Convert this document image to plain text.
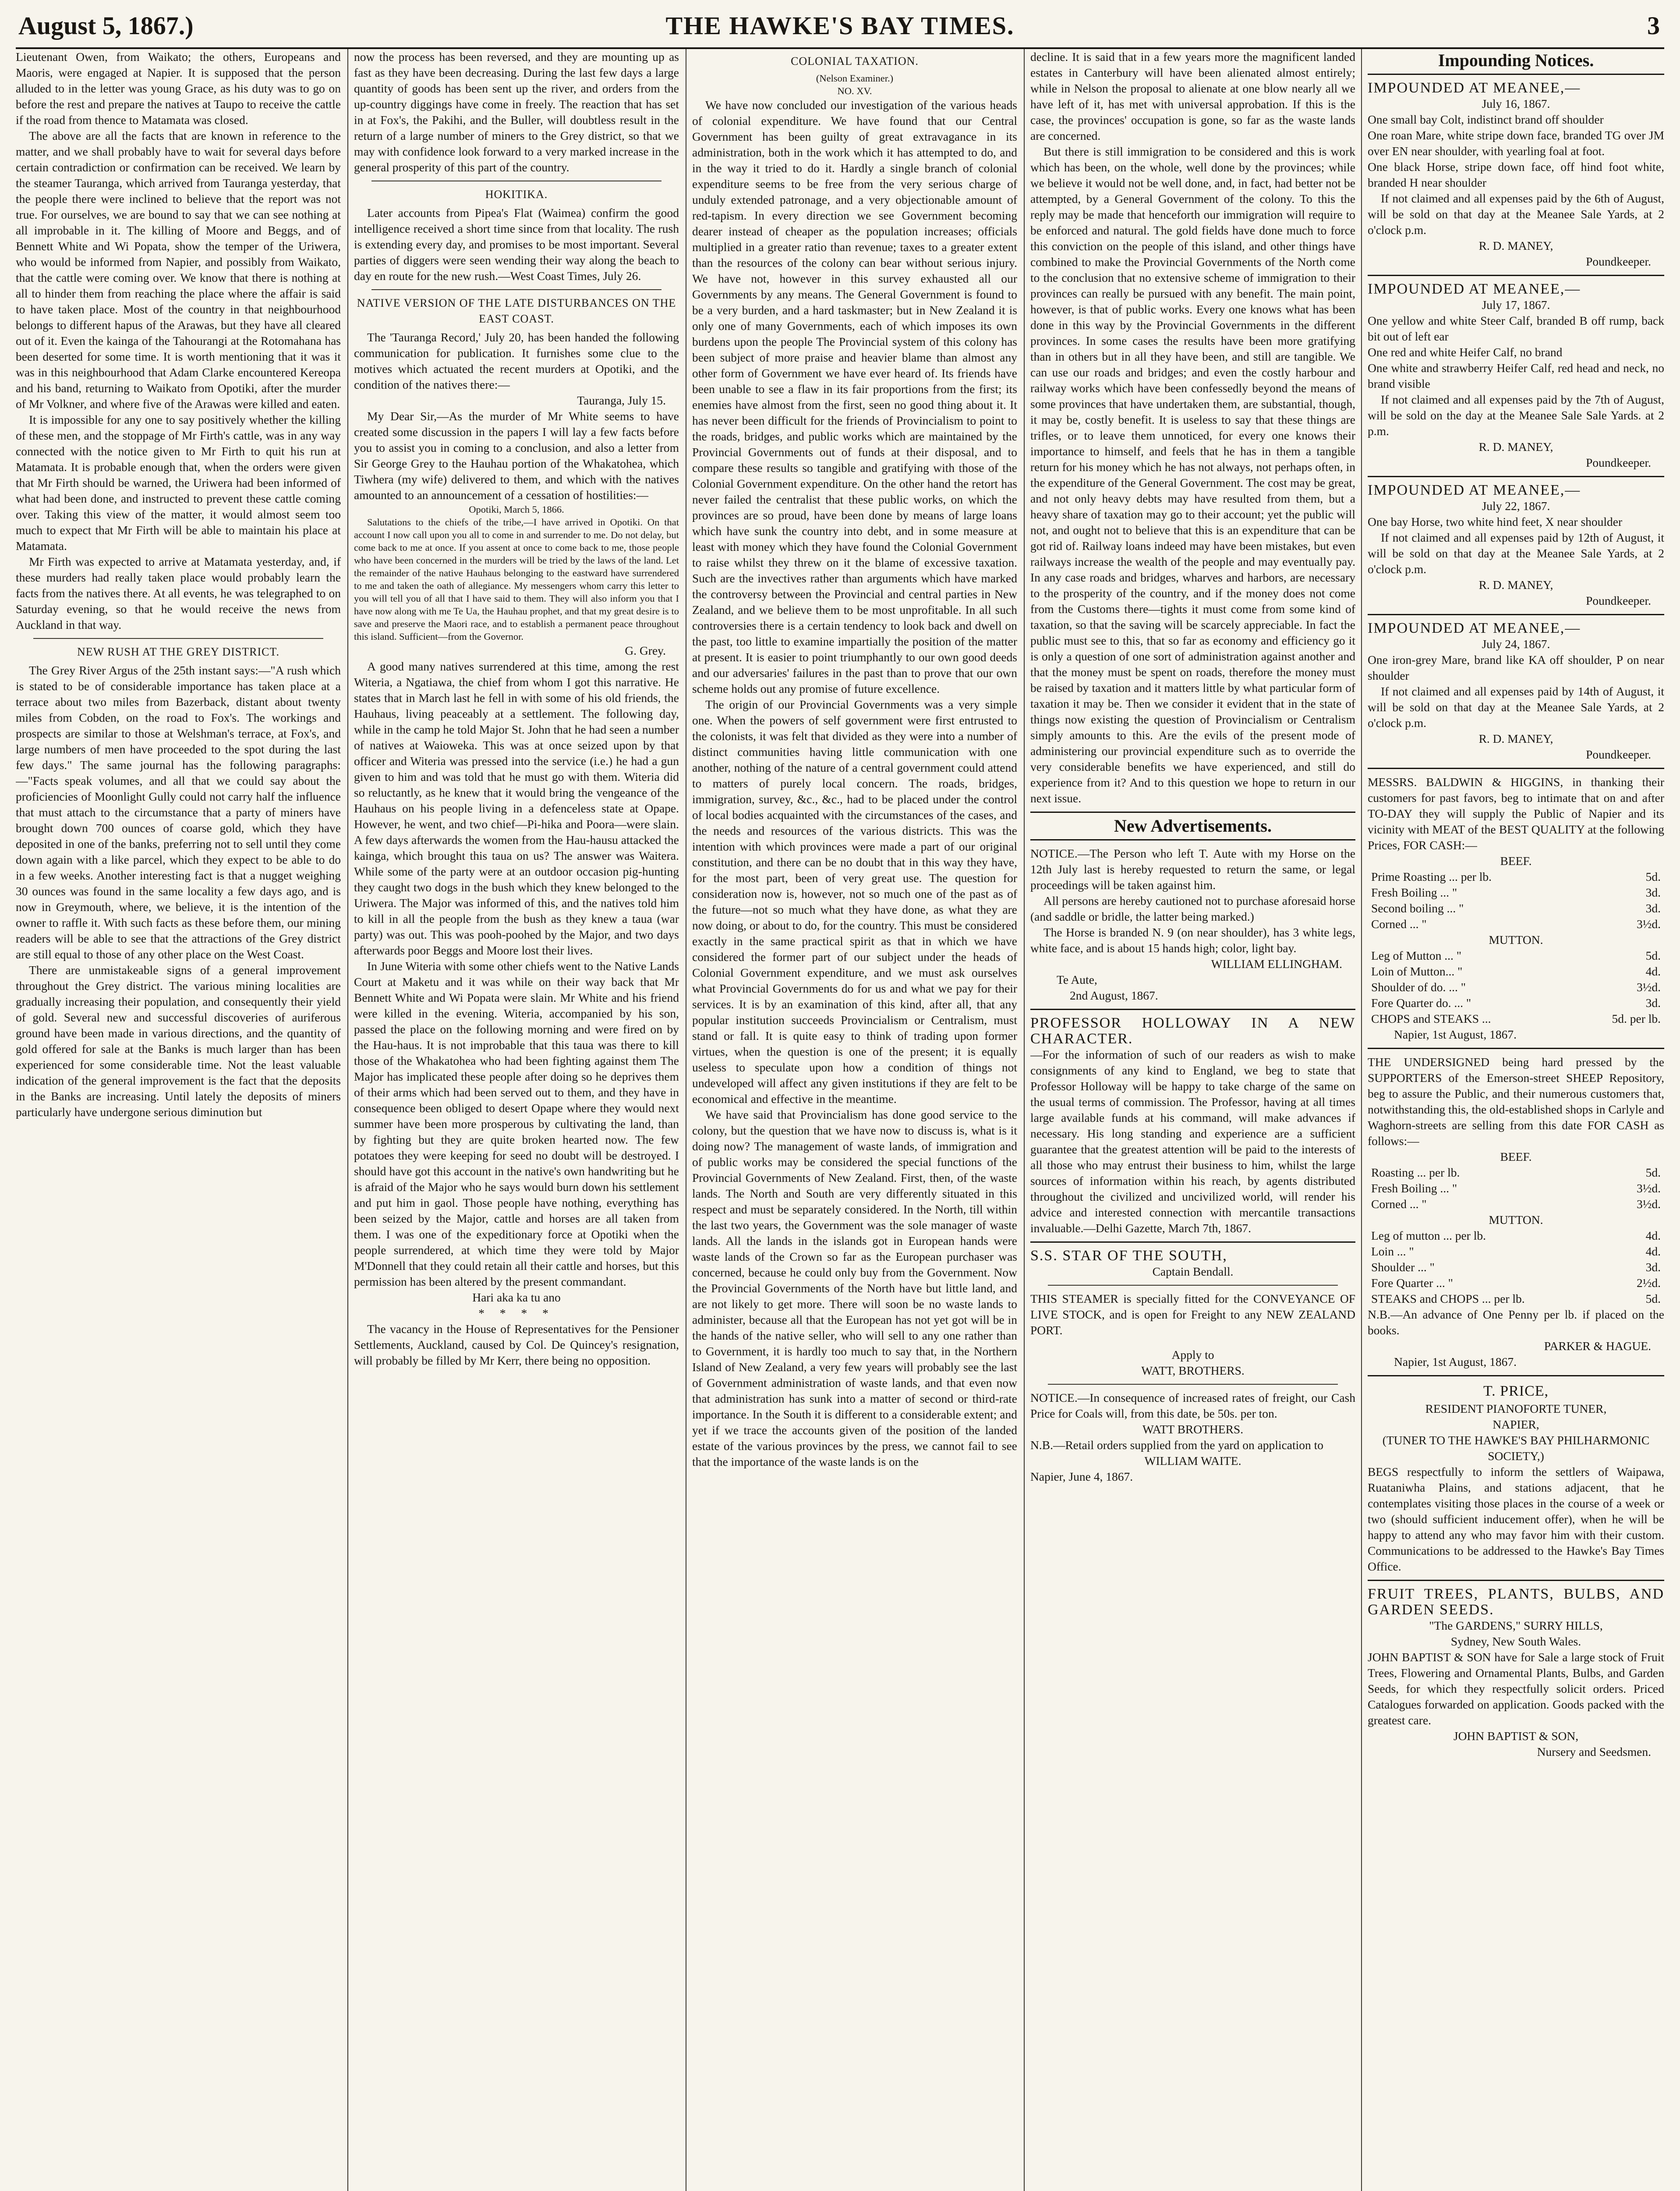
August 5, 1867.)	THE HAWKE'S BAY TIMES.	3

Lieutenant Owen, from Waikato; the others, Europeans and Maoris, were engaged at Napier. It is supposed that the person alluded to in the letter was young Grace, as his duty was to go on before the rest and prepare the natives at Taupo to receive the cattle if the road from thence to Matamata was closed.

The above are all the facts that are known in reference to the matter, and we shall probably have to wait for several days before certain contradiction or confirmation can be received. We learn by the steamer Tauranga, which arrived from Tauranga yesterday, that the people there were inclined to believe that the report was not true. For ourselves, we are bound to say that we can see nothing at all improbable in it. The killing of Moore and Beggs, and of Bennett White and Wi Popata, show the temper of the Uriwera, who would be informed from Napier, and possibly from Waikato, that the cattle were coming over. We know that there is nothing at all to hinder them from reaching the place where the affair is said to have taken place. Most of the country in that neighbourhood belongs to different hapus of the Arawas, but they have all cleared out of it. Even the kainga of the Tahourangi at the Rotomahana has been deserted for some time. It is worth mentioning that it was it was in this neighbourhood that Adam Clarke encountered Kereopa and his band, returning to Waikato from Opotiki, after the murder of Mr Volkner, and where five of the Arawas were killed and eaten.

It is impossible for any one to say positively whether the killing of these men, and the stoppage of Mr Firth's cattle, was in any way connected with the notice given to Mr Firth to quit his run at Matamata. It is probable enough that, when the orders were given that Mr Firth should be warned, the Uriwera had been informed of what had been done, and instructed to prevent these cattle coming over. Taking this view of the matter, it would almost seem too much to expect that Mr Firth will be able to maintain his place at Matamata.

Mr Firth was expected to arrive at Matamata yesterday, and, if these murders had really taken place would probably learn the facts from the natives there. At all events, he was telegraphed to on Saturday evening, so that he would receive the news from Auckland in that way.

NEW RUSH AT THE GREY DISTRICT.

The Grey River Argus of the 25th instant says:—"A rush which is stated to be of considerable importance has taken place at a terrace about two miles from Bazerback, distant about twenty miles from Cobden, on the road to Fox's. The workings and prospects are similar to those at Welshman's terrace, at Fox's, and large numbers of men have proceeded to the spot during the last few days." The same journal has the following paragraphs:—"Facts speak volumes, and all that we could say about the proficiencies of Moonlight Gully could not carry half the influence that must attach to the circumstance that a party of miners have brought down 700 ounces of coarse gold, which they have deposited in one of the banks, preferring not to sell until they come down again with a like parcel, which they expect to be able to do in a few weeks. Another interesting fact is that a nugget weighing 30 ounces was found in the same locality a few days ago, and is now in Greymouth, where, we believe, it is the intention of the owner to raffle it. With such facts as these before them, our mining readers will be able to see that the attractions of the Grey district are still equal to those of any other place on the West Coast.

There are unmistakeable signs of a general improvement throughout the Grey district. The various mining localities are gradually increasing their population, and consequently their yield of gold. Several new and successful discoveries of auriferous ground have been made in various directions, and the quantity of gold offered for sale at the Banks is much larger than has been experienced for some considerable time. Not the least valuable indication of the general improvement is the fact that the deposits in the Banks are increasing. Until lately the deposits of miners particularly have undergone serious diminution but

now the process has been reversed, and they are mounting up as fast as they have been decreasing. During the last few days a large quantity of goods has been sent up the river, and orders from the up-country diggings have come in freely. The reaction that has set in at Fox's, the Pakihi, and the Buller, will doubtless result in the return of a large number of miners to the Grey district, so that we may with confidence look forward to a very marked increase in the general prosperity of this part of the country.

HOKITIKA.

Later accounts from Pipea's Flat (Waimea) confirm the good intelligence received a short time since from that locality. The rush is extending every day, and promises to be most important. Several parties of diggers were seen wending their way along the beach to day en route for the new rush.—West Coast Times, July 26.

NATIVE VERSION OF THE LATE DISTURBANCES ON THE EAST COAST.

The 'Tauranga Record,' July 20, has been handed the following communication for publication. It furnishes some clue to the motives which actuated the recent murders at Opotiki, and the condition of the natives there:—

Tauranga, July 15.

My Dear Sir,—As the murder of Mr White seems to have created some discussion in the papers I will lay a few facts before you to assist you in coming to a conclusion, and also a letter from Sir George Grey to the Hauhau portion of the Whakatohea, which Tiwhera (my wife) delivered to them, and which with the natives amounted to an announcement of a cessation of hostilities:—

Opotiki, March 5, 1866.

Salutations to the chiefs of the tribe,—I have arrived in Opotiki. On that account I now call upon you all to come in and surrender to me. Do not delay, but come back to me at once. If you assent at once to come back to me, those people who have been concerned in the murders will be tried by the laws of the land. Let the remainder of the native Hauhaus belonging to the eastward have surrendered to me and taken the oath of allegiance. My messengers whom carry this letter to you will tell you of all that I have said to them. They will also inform you that I have now along with me Te Ua, the Hauhau prophet, and that my great desire is to save and preserve the Maori race, and to establish a permanent peace throughout this island. Sufficient—from the Governor.

G. Grey.

A good many natives surrendered at this time, among the rest Witeria, a Ngatiawa, the chief from whom I got this narrative. He states that in March last he fell in with some of his old friends, the Hauhaus, living peaceably at a settlement. The following day, while in the camp he told Major St. John that he had seen a number of natives at Waioweka. This was at once seized upon by that officer and Witeria was pressed into the service (i.e.) he had a gun given to him and was told that he must go with them. Witeria did so reluctantly, as he knew that it would bring the vengeance of the Hauhaus on his people living in a defenceless state at Opape. However, he went, and two chief—Pi-hika and Poora—were slain. A few days afterwards the women from the Hau-hausu attacked the kainga, which brought this taua on us? The answer was Waitera. While some of the party were at an outdoor occasion pig-hunting they caught two dogs in the bush which they knew belonged to the Uriwera. The Major was informed of this, and the natives told him to kill in all the people from the bush as they knew a taua (war party) was out. This was pooh-poohed by the Major, and two days afterwards poor Beggs and Moore lost their lives.

In June Witeria with some other chiefs went to the Native Lands Court at Maketu and it was while on their way back that Mr Bennett White and Wi Popata were slain. Mr White and his friend were killed in the evening. Witeria, accompanied by his son, passed the place on the following morning and were fired on by the Hau-haus. It is not improbable that this taua was there to kill those of the Whakatohea who had been fighting against them The Major has implicated these people after doing so he deprives them of their arms which had been served out to them, and they have in consequence been obliged to desert Opape where they would next summer have been more prosperous by cultivating the land, than by fighting but they are quite broken hearted now. The few potatoes they were keeping for seed no doubt will be destroyed. I should have got this account in the native's own handwriting but he is afraid of the Major who he says would burn down his settlement and put him in gaol. Those people have nothing, everything has been seized by the Major, cattle and horses are all taken from them. I was one of the expeditionary force at Opotiki when the people surrendered, at which time they were told by Major M'Donnell that they could retain all their cattle and horses, but this permission has been altered by the present commandant.

Hari aka ka tu ano

* * * *

The vacancy in the House of Representatives for the Pensioner Settlements, Auckland, caused by Col. De Quincey's resignation, will probably be filled by Mr Kerr, there being no opposition.

COLONIAL TAXATION.

(Nelson Examiner.)

NO. XV.

We have now concluded our investigation of the various heads of colonial expenditure. We have found that our Central Government has been guilty of great extravagance in its administration, both in the work which it has attempted to do, and in the way it tried to do it. Hardly a single branch of colonial expenditure seems to be free from the very serious charge of unduly extended patronage, and a very objectionable amount of red-tapism. In every direction we see Government becoming dearer instead of cheaper as the population increases; officials multiplied in a greater ratio than revenue; taxes to a greater extent than the resources of the colony can bear without serious injury. We have not, however in this survey exhausted all our Governments by any means. The General Government is found to be a very burden, and a hard taskmaster; but in New Zealand it is only one of many Governments, each of which imposes its own burdens upon the people The Provincial system of this colony has been subject of more praise and heavier blame than almost any other form of Government we have ever heard of. Its friends have been unable to see a flaw in its fair proportions from the first; its enemies have almost from the first, seen no good thing about it. It has never been difficult for the friends of Provincialism to point to the roads, bridges, and public works which are maintained by the Provincial Governments out of funds at their disposal, and to compare these results so tangible and gratifying with those of the Colonial Government expenditure. On the other hand the retort has never failed the centralist that these public works, on which the provinces are so proud, have been done by means of large loans which have sunk the country into debt, and in some measure at least with money which they have found the Colonial Government to raise whilst they threw on it the blame of excessive taxation. Such are the invectives rather than arguments which have marked the controversy between the Provincial and central parties in New Zealand, and we believe them to be most unprofitable. In all such controversies there is a certain tendency to look back and dwell on the past, too little to examine impartially the position of the matter at present. It is easier to point triumphantly to our own good deeds and our adversaries' failures in the past than to prove that our own scheme holds out any promise of future excellence.

The origin of our Provincial Governments was a very simple one. When the powers of self government were first entrusted to the colonists, it was felt that divided as they were into a number of distinct communities having little communication with one another, nothing of the nature of a central government could attend to matters of purely local concern. The roads, bridges, immigration, survey, &c., &c., had to be placed under the control of local bodies acquainted with the circumstances of the cases, and the needs and resources of the various districts. This was the intention with which provinces were made a part of our original constitution, and there can be no doubt that in this way they have, for the most part, been of very great use. The question for consideration now is, however, not so much one of the past as of the future—not so much what they have done, as what they are now doing, or about to do, for the country. This must be considered exactly in the same practical spirit as that in which we have considered the former part of our subject under the heads of Colonial Government expenditure, and we must ask ourselves what Provincial Governments do for us and what we pay for their services. It is by an examination of this kind, after all, that any popular institution succeeds Provincialism or Centralism, must stand or fall. It is quite easy to think of trading upon former virtues, when the question is one of the present; it is equally useless to speculate upon how a condition of things not undeveloped will affect any given institutions if they are felt to be economical and effective in the meantime.

We have said that Provincialism has done good service to the colony, but the question that we have now to discuss is, what is it doing now? The management of waste lands, of immigration and of public works may be considered the special functions of the Provincial Governments of New Zealand. First, then, of the waste lands. The North and South are very differently situated in this respect and must be separately considered. In the North, till within the last two years, the Government was the sole manager of waste lands. All the lands in the islands got in European hands were waste lands of the Crown so far as the European purchaser was concerned, because he could only buy from the Government. Now the Provincial Governments of the North have but little land, and are not likely to get more. There will soon be no waste lands to administer, because all that the European has not yet got will be in the hands of the native seller, who will sell to any one rather than to Government, it is hardly too much to say that, in the Northern Island of New Zealand, a very few years will probably see the last of Government administration of waste lands, and that even now that administration has sunk into a matter of second or third-rate importance. In the South it is different to a considerable extent; and yet if we trace the accounts given of the position of the landed estate of the various provinces by the press, we cannot fail to see that the importance of the waste lands is on the

decline. It is said that in a few years more the magnificent landed estates in Canterbury will have been alienated almost entirely; while in Nelson the proposal to alienate at one blow nearly all we have left of it, has met with universal approbation. If this is the case, the provinces' occupation is gone, so far as the waste lands are concerned.

But there is still immigration to be considered and this is work which has been, on the whole, well done by the provinces; while we believe it would not be well done, and, in fact, had better not be attempted, by a General Government of the colony. To this the reply may be made that henceforth our immigration will require to be enforced and natural. The gold fields have done much to force this conviction on the people of this island, and other things have combined to make the Provincial Governments of the North come to the conclusion that no extensive scheme of immigration to their provinces can really be pursued with any benefit. The main point, however, is that of public works. Every one knows what has been done in this way by the Provincial Governments in the different provinces. In some cases the results have been more gratifying than in others but in all they have been, and still are tangible. We can use our roads and bridges; and even the costly harbour and railway works which have been confessedly beyond the means of some provinces that have undertaken them, are substantial, though, it may be, costly benefit. It is useless to say that these things are trifles, or to leave them unnoticed, for every one knows their importance to himself, and feels that he has in them a tangible return for his money which he has not always, not perhaps often, in the expenditure of the General Government. The cost may be great, and not only heavy debts may have resulted from them, but a heavy share of taxation may go to their account; yet the public will not, and ought not to believe that this is an expenditure that can be got rid of. Railway loans indeed may have been mistakes, but even railways increase the wealth of the people and may eventually pay. In any case roads and bridges, wharves and harbors, are necessary to the prosperity of the country, and if the money does not come from the Customs there—tights it must come from some kind of taxation, so that the saving will be scarcely appreciable. In fact the public must see to this, that so far as economy and efficiency go it is only a question of one sort of administration against another and that the money must be spent on roads, therefore the money must be raised by taxation and it matters little by what particular form of taxation it may be. Then we consider it evident that in the state of things now existing the question of Provincialism or Centralism simply amounts to this. Are the evils of the present mode of administering our provincial expenditure such as to override the very considerable benefits we have experienced, and still do experience from it? And to this question we hope to return in our next issue.

New Advertisements.

NOTICE.—The Person who left T. Aute with my Horse on the 12th July last is hereby requested to return the same, or legal proceedings will be taken against him.

All persons are hereby cautioned not to purchase aforesaid horse (and saddle or bridle, the latter being marked.)

The Horse is branded N. 9 (on near shoulder), has 3 white legs, white face, and is about 15 hands high; color, light bay.

WILLIAM ELLINGHAM.

Te Aute,

2nd August, 1867.

PROFESSOR HOLLOWAY IN A NEW CHARACTER.

—For the information of such of our readers as wish to make consignments of any kind to England, we beg to state that Professor Holloway will be happy to take charge of the same on the usual terms of commission. The Professor, having at all times large available funds at his command, will make advances if necessary. His long standing and experience are a sufficient guarantee that the greatest attention will be paid to the interests of all those who may entrust their business to him, whilst the large sources of information within his reach, by agents distributed throughout the civilized and uncivilized world, will render his advice and interested connection with mercantile transactions invaluable.—Delhi Gazette, March 7th, 1867.

S.S. STAR OF THE SOUTH,

Captain Bendall.

THIS STEAMER is specially fitted for the CONVEYANCE OF LIVE STOCK, and is open for Freight to any NEW ZEALAND PORT.

Apply to

WATT, BROTHERS.

NOTICE.—In consequence of increased rates of freight, our Cash Price for Coals will, from this date, be 50s. per ton.

WATT BROTHERS.

N.B.—Retail orders supplied from the yard on application to

WILLIAM WAITE.

Napier, June 4, 1867.

Impounding Notices.

IMPOUNDED AT MEANEE,—

July 16, 1867.

One small bay Colt, indistinct brand off shoulder

One roan Mare, white stripe down face, branded TG over JM over EN near shoulder, with yearling foal at foot.

One black Horse, stripe down face, off hind foot white, branded H near shoulder

If not claimed and all expenses paid by the 6th of August, will be sold on that day at the Meanee Sale Yards, at 2 o'clock p.m.

R. D. MANEY,

Poundkeeper.

IMPOUNDED AT MEANEE,—

July 17, 1867.

One yellow and white Steer Calf, branded B off rump, back bit out of left ear

One red and white Heifer Calf, no brand

One white and strawberry Heifer Calf, red head and neck, no brand visible

If not claimed and all expenses paid by the 7th of August, will be sold on the day at the Meanee Sale Sale Yards. at 2 p.m.

R. D. MANEY,

Poundkeeper.

IMPOUNDED AT MEANEE,—

July 22, 1867.

One bay Horse, two white hind feet, X near shoulder

If not claimed and all expenses paid by 12th of August, it will be sold on that day at the Meanee Sale Yards, at 2 o'clock p.m.

R. D. MANEY,

Poundkeeper.

IMPOUNDED AT MEANEE,—

July 24, 1867.

One iron-grey Mare, brand like KA off shoulder, P on near shoulder

If not claimed and all expenses paid by 14th of August, it will be sold on that day at the Meanee Sale Yards, at 2 o'clock p.m.

R. D. MANEY,

Poundkeeper.

MESSRS. BALDWIN & HIGGINS, in thanking their customers for past favors, beg to intimate that on and after TO-DAY they will supply the Public of Napier and its vicinity with MEAT of the BEST QUALITY at the following Prices, FOR CASH:—

BEEF.

Prime Roasting ... per lb.	5d.
Fresh Boiling ... "	3d.
Second boiling ... "	3d.
Corned ... "	3½d.

MUTTON.

Leg of Mutton ... "	5d.
Loin of Mutton... "	4d.
Shoulder of do. ... "	3½d.
Fore Quarter do. ... "	3d.
CHOPS and STEAKS ...	5d. per lb.

Napier, 1st August, 1867.

THE UNDERSIGNED being hard pressed by the SUPPORTERS of the Emerson-street SHEEP Repository, beg to assure the Public, and their numerous customers that, notwithstanding this, the old-established shops in Carlyle and Waghorn-streets are selling from this date FOR CASH as follows:—

BEEF.

Roasting ... per lb.	5d.
Fresh Boiling ... "	3½d.
Corned ... "	3½d.

MUTTON.

Leg of mutton ... per lb.	4d.
Loin ... "	4d.
Shoulder ... "	3d.
Fore Quarter ... "	2½d.
STEAKS and CHOPS ... per lb.	5d.

N.B.—An advance of One Penny per lb. if placed on the books.

PARKER & HAGUE.

Napier, 1st August, 1867.

T. PRICE,

RESIDENT PIANOFORTE TUNER,

NAPIER,

(TUNER TO THE HAWKE'S BAY PHILHARMONIC SOCIETY,)

BEGS respectfully to inform the settlers of Waipawa, Ruataniwha Plains, and stations adjacent, that he contemplates visiting those places in the course of a week or two (should sufficient inducement offer), when he will be happy to attend any who may favor him with their custom. Communications to be addressed to the Hawke's Bay Times Office.

FRUIT TREES, PLANTS, BULBS, AND GARDEN SEEDS.

"The GARDENS," SURRY HILLS,

Sydney, New South Wales.

JOHN BAPTIST & SON have for Sale a large stock of Fruit Trees, Flowering and Ornamental Plants, Bulbs, and Garden Seeds, for which they respectfully solicit orders. Priced Catalogues forwarded on application. Goods packed with the greatest care.

JOHN BAPTIST & SON,

Nursery and Seedsmen.
